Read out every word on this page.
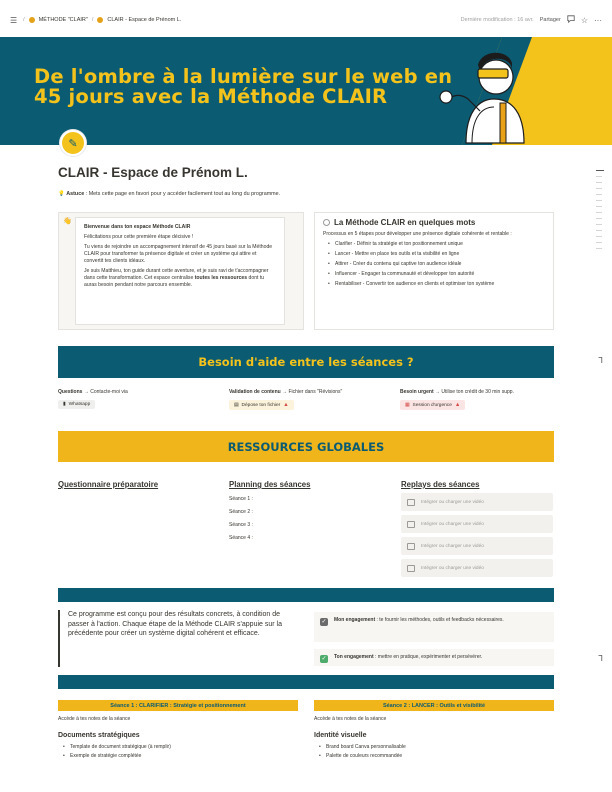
☰ /	MÉTHODE "CLAIR" /	CLAIR - Espace de Prénom L.	Dernière modification : 16 avr. Partager	☆ ···
De l'ombre à la lumière sur le web en
45 jours avec la Méthode CLAIR
✎
CLAIR - Espace de Prénom L.
💡 Astuce : Mets cette page en favori pour y accéder facilement tout au long du programme.
👋

Bienvenue dans ton espace Méthode CLAIR

Félicitations pour cette première étape décisive !

Tu viens de rejoindre un accompagnement intensif de 45 jours basé sur la Méthode CLAIR pour transformer ta présence digitale et créer un système qui attire et convertit tes clients idéaux.

Je suis Matthieu, ton guide durant cette aventure, et je suis ravi de t'accompagner dans cette transformation. Cet espace centralise toutes les ressources dont tu auras besoin pendant notre parcours ensemble.

La Méthode CLAIR en quelques mots

Processus en 5 étapes pour développer une présence digitale cohérente et rentable :

• Clarifier - Définir ta stratégie et ton positionnement unique
• Lancer - Mettre en place tes outils et ta visibilité en ligne
• Attirer - Créer du contenu qui captive ton audience idéale
• Influencer - Engager ta communauté et développer ton autorité
• Rentabiliser - Convertir ton audience en clients et optimiser ton système
Besoin d'aide entre les séances ?	Ꞁ
Questions → Contacte-moi via
▮ Whatsapp
Validation de contenu → Fichier dans "Révisions"
▤ Dépose ton fichier ▲
Besoin urgent → Utilise ton crédit de 30 min supp.
▦ Session d'urgence ▲
RESSOURCES GLOBALES
Questionnaire préparatoire	Planning des séances
Séance 1 :
Séance 2 :
Séance 3 :
Séance 4 :
Replays des séances
Intégrer ou charger une vidéo
Intégrer ou charger une vidéo
Intégrer ou charger une vidéo
Intégrer ou charger une vidéo
Ce programme est conçu pour des résultats concrets, à condition de passer à l'action. Chaque étape de la Méthode CLAIR s'appuie sur la précédente pour créer un système digital cohérent et efficace.
✓ Mon engagement : te fournir les méthodes, outils et feedbacks nécessaires.
✓ Ton engagement : mettre en pratique, expérimenter et persévérer.	Ꞁ
Séance 1 : CLARIFIER : Stratégie et positionnement	Séance 2 : LANCER : Outils et visibilité
Accède à tes notes de la séance
Documents stratégiques
• Template de document stratégique (à remplir)
• Exemple de stratégie complétée
Accède à tes notes de la séance
Identité visuelle
• Brand board Canva personnalisable
• Palette de couleurs recommandée
